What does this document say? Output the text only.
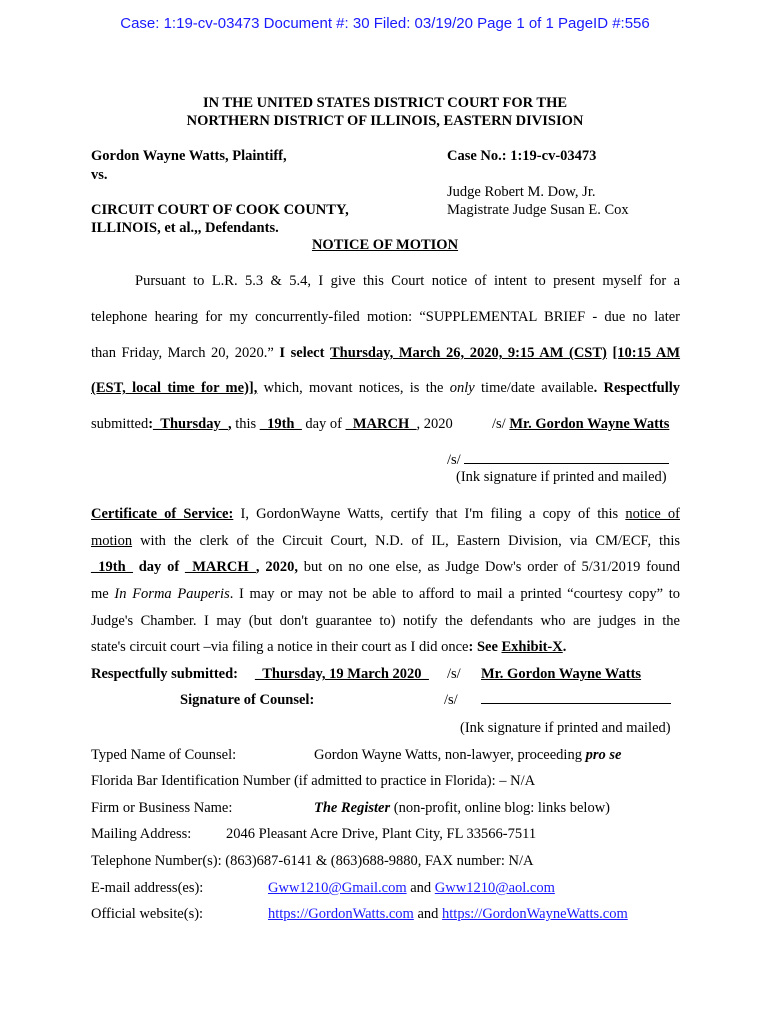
Case: 1:19-cv-03473 Document #: 30 Filed: 03/19/20 Page 1 of 1 PageID #:556
IN THE UNITED STATES DISTRICT COURT FOR THE
NORTHERN DISTRICT OF ILLINOIS, EASTERN DIVISION
Gordon Wayne Watts, Plaintiff,
vs.
CIRCUIT COURT OF COOK COUNTY,
ILLINOIS, et al.,, Defendants.
Case No.: 1:19-cv-03473
Judge Robert M. Dow, Jr.
Magistrate Judge Susan E. Cox
NOTICE OF MOTION
Pursuant to L.R. 5.3 & 5.4, I give this Court notice of intent to present myself for a
telephone hearing for my concurrently-filed motion: “SUPPLEMENTAL BRIEF - due no later
than Friday, March 20, 2020.” I select Thursday, March 26, 2020, 9:15 AM (CST) [10:15 AM
(EST, local time for me)], which, movant notices, is the only time/date available. Respectfully
submitted:_Thursday_, this _19th_ day of _MARCH_, 2020	/s/ Mr. Gordon Wayne Watts
/s/
(Ink signature if printed and mailed)
Certificate of Service: I, GordonWayne Watts, certify that I'm filing a copy of this notice of
motion with the clerk of the Circuit Court, N.D. of IL, Eastern Division, via CM/ECF, this
_19th_ day of _MARCH_, 2020, but on no one else, as Judge Dow's order of 5/31/2019 found
me In Forma Pauperis. I may or may not be able to afford to mail a printed “courtesy copy” to
Judge's Chamber. I may (but don't guarantee to) notify the defendants who are judges in the
state's circuit court –via filing a notice in their court as I did once: See Exhibit-X.
Respectfully submitted: _Thursday, 19 March 2020_ /s/ Mr. Gordon Wayne Watts
Signature of Counsel:	/s/
(Ink signature if printed and mailed)
Typed Name of Counsel:	Gordon Wayne Watts, non-lawyer, proceeding pro se
Florida Bar Identification Number (if admitted to practice in Florida): – N/A
Firm or Business Name:	The Register (non-profit, online blog: links below)
Mailing Address: 2046 Pleasant Acre Drive, Plant City, FL 33566-7511
Telephone Number(s): (863)687-6141 & (863)688-9880, FAX number: N/A
E-mail address(es):	Gww1210@Gmail.com and Gww1210@aol.com
Official website(s):	https://GordonWatts.com and https://GordonWayneWatts.com
